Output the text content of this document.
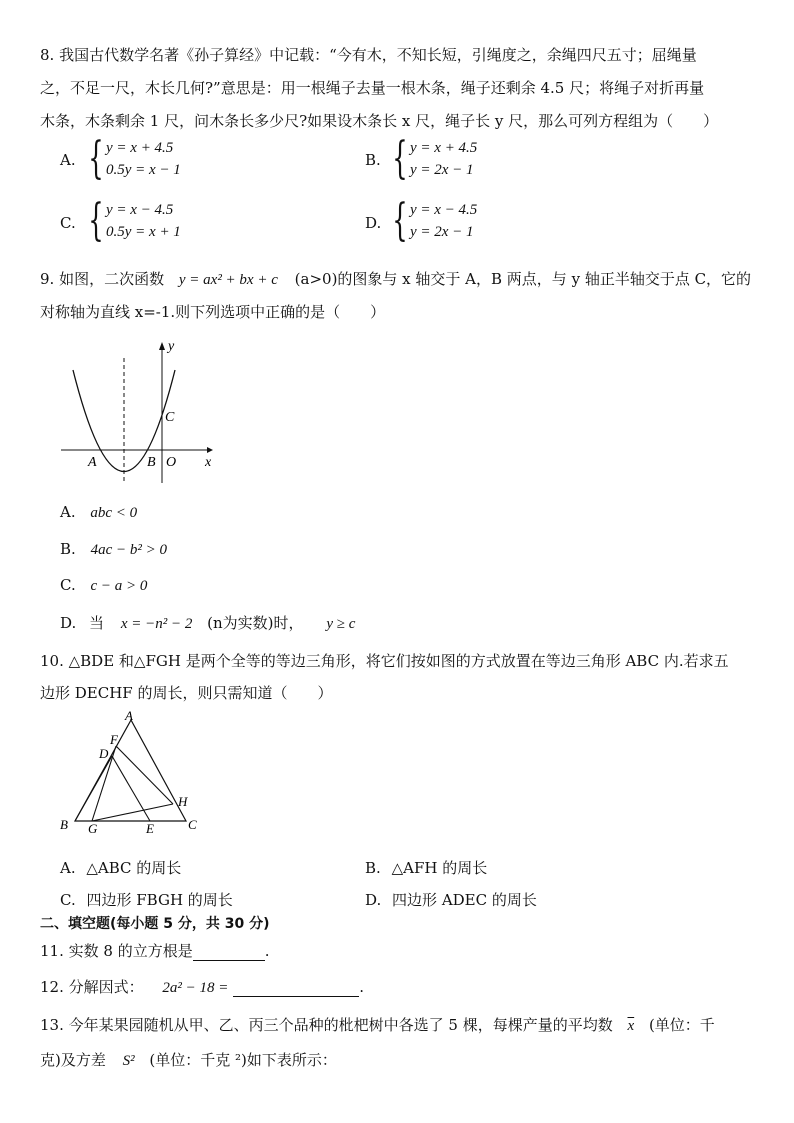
8. 我国古代数学名著《孙子算经》中记载：“今有木，不知长短，引绳度之，余绳四尺五寸；屈绳量
之，不足一尺，木长几何?”意思是：用一根绳子去量一根木条，绳子还剩余 4.5 尺；将绳子对折再量
木条，木条剩余 1 尺，问木条长多少尺?如果设木条长 x 尺，绳子长 y 尺，那么可列方程组为（　　）
A. { y = x + 4.5
0.5y = x − 1
B. { y = x + 4.5
y = 2x − 1
C. { y = x − 4.5
0.5y = x + 1	D. { y = x − 4.5
y = 2x − 1
9. 如图，二次函数 y = ax² + bx + c (a>0)的图象与 x 轴交于 A，B 两点，与 y 轴正半轴交于点 C，它的
对称轴为直线 x=-1.则下列选项中正确的是（　　）
y
x
A	B O
C
A. abc < 0
B. 4ac − b² > 0
C. c − a > 0
D. 当 x = −n² − 2 (n为实数)时， y ≥ c
10. △BDE 和△FGH 是两个全等的等边三角形，将它们按如图的方式放置在等边三角形 ABC 内.若求五
边形 DECHF 的周长，则只需知道（　　）
A
F
D
H
B G	E	C
A. △ABC 的周长	B. △AFH 的周长
C. 四边形 FBGH 的周长	D. 四边形 ADEC 的周长
二、填空题(每小题 5 分，共 30 分)
11. 实数 8 的立方根是	.
12. 分解因式： 2a² − 18 =	.
13. 今年某果园随机从甲、乙、丙三个品种的枇杷树中各选了 5 棵，每棵产量的平均数 $\overline{x}$ (单位：千
克)及方差 S² (单位：千克 ²)如下表所示：
